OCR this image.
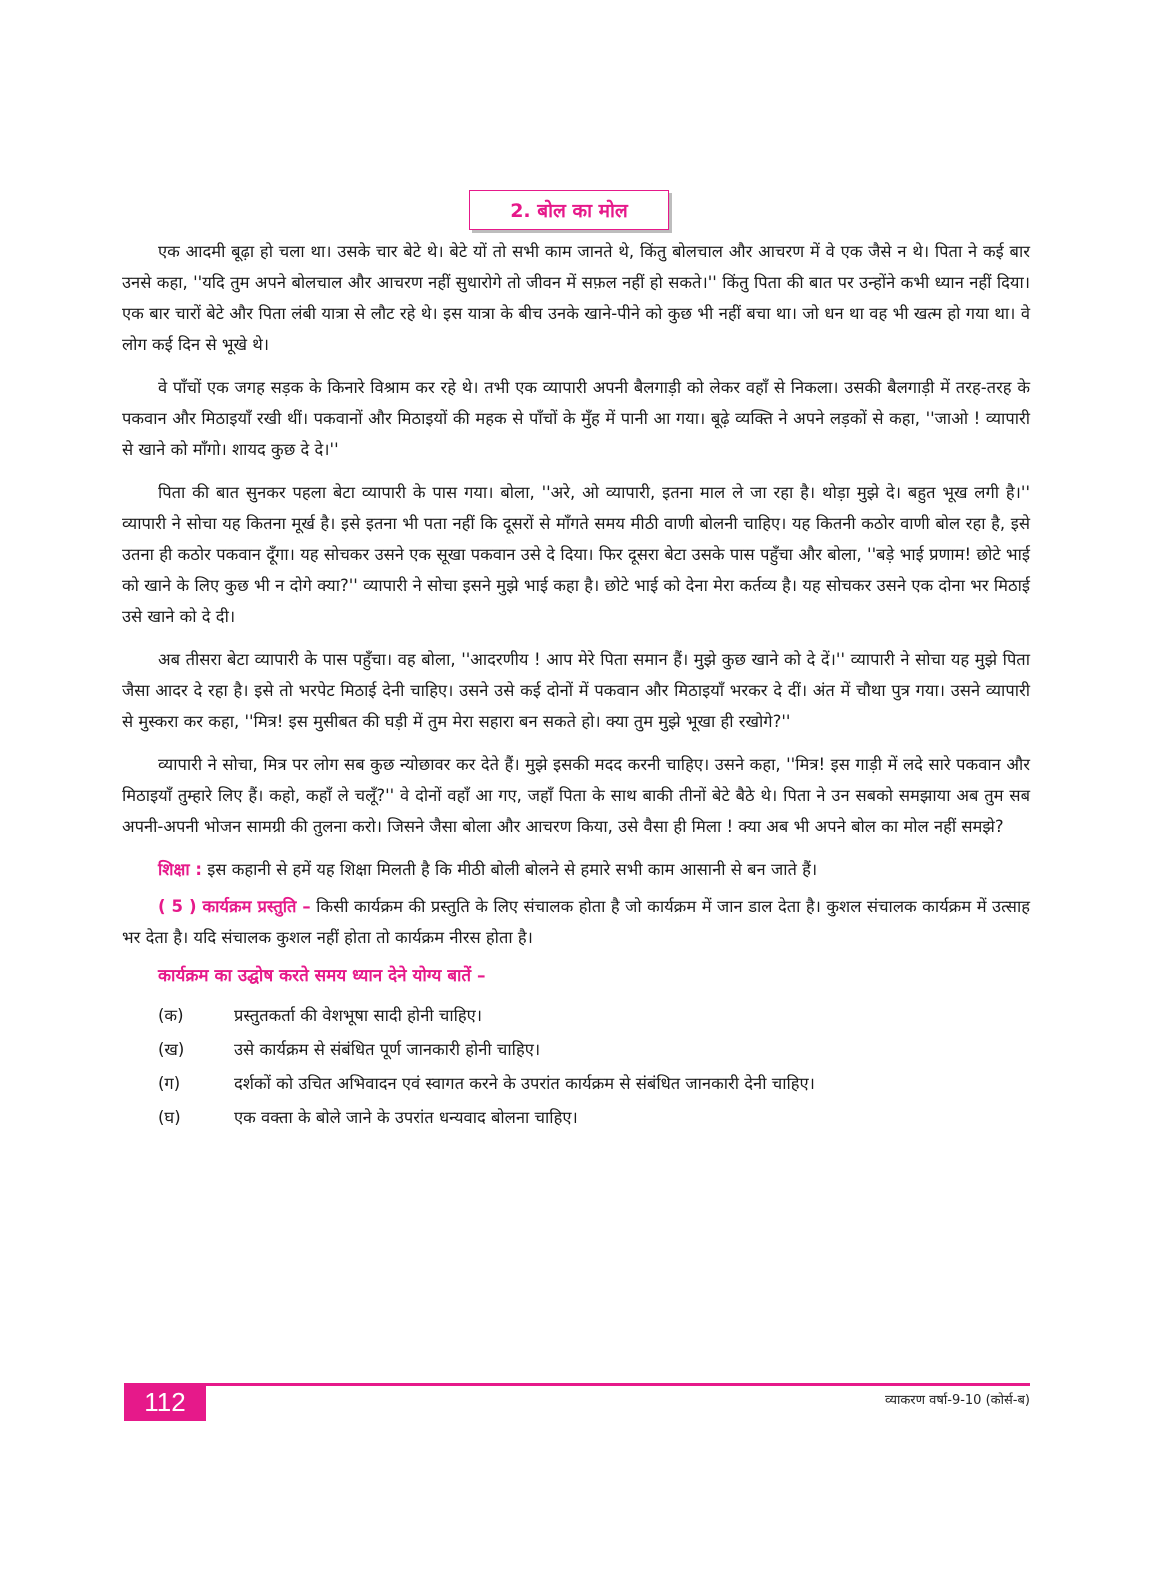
2. बोल का मोल

एक आदमी बूढ़ा हो चला था। उसके चार बेटे थे। बेटे यों तो सभी काम जानते थे, किंतु बोलचाल और आचरण में वे एक जैसे न थे। पिता ने कई बार उनसे कहा, ''यदि तुम अपने बोलचाल और आचरण नहीं सुधारोगे तो जीवन में सफ़ल नहीं हो सकते।'' किंतु पिता की बात पर उन्होंने कभी ध्यान नहीं दिया। एक बार चारों बेटे और पिता लंबी यात्रा से लौट रहे थे। इस यात्रा के बीच उनके खाने-पीने को कुछ भी नहीं बचा था। जो धन था वह भी खत्म हो गया था। वे लोग कई दिन से भूखे थे।

वे पाँचों एक जगह सड़क के किनारे विश्राम कर रहे थे। तभी एक व्यापारी अपनी बैलगाड़ी को लेकर वहाँ से निकला। उसकी बैलगाड़ी में तरह-तरह के पकवान और मिठाइयाँ रखी थीं। पकवानों और मिठाइयों की महक से पाँचों के मुँह में पानी आ गया। बूढ़े व्यक्ति ने अपने लड़कों से कहा, ''जाओ ! व्यापारी से खाने को माँगो। शायद कुछ दे दे।''

पिता की बात सुनकर पहला बेटा व्यापारी के पास गया। बोला, ''अरे, ओ व्यापारी, इतना माल ले जा रहा है। थोड़ा मुझे दे। बहुत भूख लगी है।'' व्यापारी ने सोचा यह कितना मूर्ख है। इसे इतना भी पता नहीं कि दूसरों से माँगते समय मीठी वाणी बोलनी चाहिए। यह कितनी कठोर वाणी बोल रहा है, इसे उतना ही कठोर पकवान दूँगा। यह सोचकर उसने एक सूखा पकवान उसे दे दिया। फिर दूसरा बेटा उसके पास पहुँचा और बोला, ''बड़े भाई प्रणाम! छोटे भाई को खाने के लिए कुछ भी न दोगे क्या?'' व्यापारी ने सोचा इसने मुझे भाई कहा है। छोटे भाई को देना मेरा कर्तव्य है। यह सोचकर उसने एक दोना भर मिठाई उसे खाने को दे दी।

अब तीसरा बेटा व्यापारी के पास पहुँचा। वह बोला, ''आदरणीय ! आप मेरे पिता समान हैं। मुझे कुछ खाने को दे दें।'' व्यापारी ने सोचा यह मुझे पिता जैसा आदर दे रहा है। इसे तो भरपेट मिठाई देनी चाहिए। उसने उसे कई दोनों में पकवान और मिठाइयाँ भरकर दे दीं। अंत में चौथा पुत्र गया। उसने व्यापारी से मुस्करा कर कहा, ''मित्र! इस मुसीबत की घड़ी में तुम मेरा सहारा बन सकते हो। क्या तुम मुझे भूखा ही रखोगे?''

व्यापारी ने सोचा, मित्र पर लोग सब कुछ न्योछावर कर देते हैं। मुझे इसकी मदद करनी चाहिए। उसने कहा, ''मित्र! इस गाड़ी में लदे सारे पकवान और मिठाइयाँ तुम्हारे लिए हैं। कहो, कहाँ ले चलूँ?'' वे दोनों वहाँ आ गए, जहाँ पिता के साथ बाकी तीनों बेटे बैठे थे। पिता ने उन सबको समझाया अब तुम सब अपनी-अपनी भोजन सामग्री की तुलना करो। जिसने जैसा बोला और आचरण किया, उसे वैसा ही मिला ! क्या अब भी अपने बोल का मोल नहीं समझे?

शिक्षा : इस कहानी से हमें यह शिक्षा मिलती है कि मीठी बोली बोलने से हमारे सभी काम आसानी से बन जाते हैं।

( 5 ) कार्यक्रम प्रस्तुति – किसी कार्यक्रम की प्रस्तुति के लिए संचालक होता है जो कार्यक्रम में जान डाल देता है। कुशल संचालक कार्यक्रम में उत्साह भर देता है। यदि संचालक कुशल नहीं होता तो कार्यक्रम नीरस होता है।

कार्यक्रम का उद्घोष करते समय ध्यान देने योग्य बातें –
(क)	प्रस्तुतकर्ता की वेशभूषा सादी होनी चाहिए।
(ख)	उसे कार्यक्रम से संबंधित पूर्ण जानकारी होनी चाहिए।
(ग)	दर्शकों को उचित अभिवादन एवं स्वागत करने के उपरांत कार्यक्रम से संबंधित जानकारी देनी चाहिए।
(घ)	एक वक्ता के बोले जाने के उपरांत धन्यवाद बोलना चाहिए।
112	व्याकरण वर्षा-9-10 (कोर्स-ब)
